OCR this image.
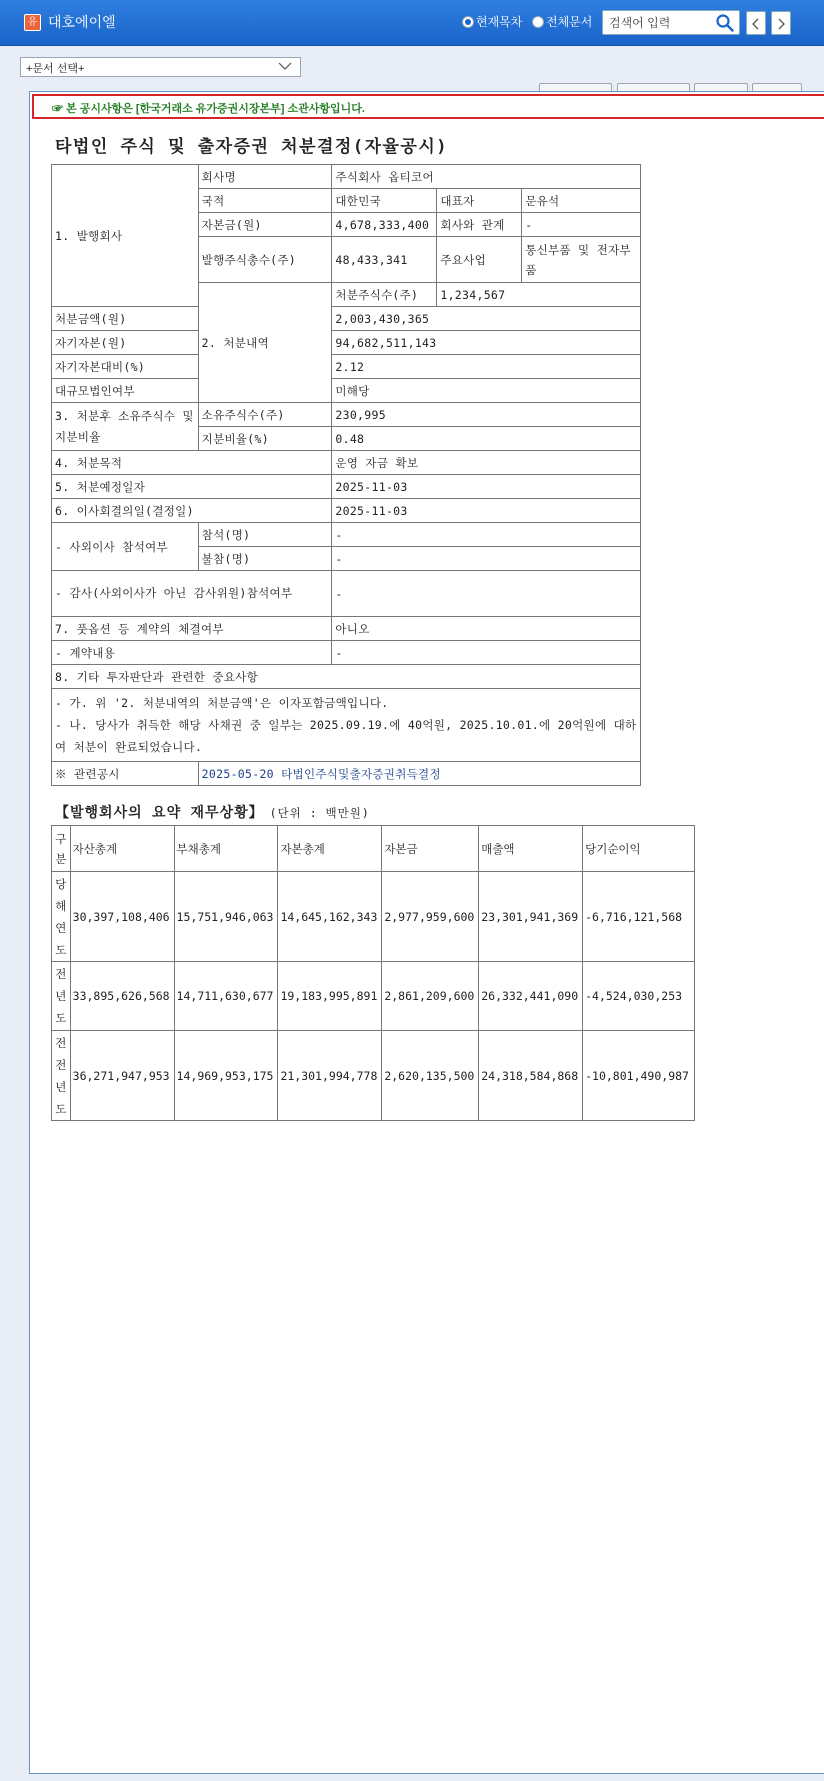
유 대호에이엘	현재목차 전체문서
검색어 입력
+문서 선택+
☞ 본 공시사항은 [한국거래소 유가증권시장본부] 소관사항입니다.
타법인 주식 및 출자증권 처분결정(자율공시)
1. 발행회사	회사명	주식회사 옵티코어		
	국적	대한민국	대표자	문유석
	자본금(원)	4,678,333,400	회사와 관계	-
	발행주식총수(주)	48,433,341	주요사업	통신부품 및 전자부품
	2. 처분내역	처분주식수(주)	1,234,567	
처분금액(원)		2,003,430,365		
자기자본(원)		94,682,511,143		
자기자본대비(%)		2.12		
대규모법인여부		미해당		
3. 처분후 소유주식수 및 지분비율	소유주식수(주)	230,995		
	지분비율(%)	0.48		
4. 처분목적		운영 자금 확보		
5. 처분예정일자		2025-11-03		
6. 이사회결의일(결정일)		2025-11-03		
- 사외이사 참석여부	참석(명)	-		
	불참(명)	-		
- 감사(사외이사가 아닌 감사위원)참석여부		-		
7. 풋옵션 등 계약의 체결여부		아니오		
- 계약내용		-		
8. 기타 투자판단과 관련한 중요사항				

- 가. 위 '2. 처분내역의 처분금액'은 이자포함금액입니다.
- 나. 당사가 취득한 해당 사채권 중 일부는 2025.09.19.에 40억원, 2025.10.01.에 20억원에 대하여 처분이 완료되었습니다.				

※ 관련공시	2025-05-20 타법인주식및출자증권취득결정			
【발행회사의 요약 재무상황】 (단위 : 백만원)
구
분	자산총계	부채총계	자본총계	자본금	매출액	당기순이익
당
해
연
도	30,397,108,406	15,751,946,063	14,645,162,343	2,977,959,600	23,301,941,369	-6,716,121,568
전
년
도	33,895,626,568	14,711,630,677	19,183,995,891	2,861,209,600	26,332,441,090	-4,524,030,253
전
전
년
도	36,271,947,953	14,969,953,175	21,301,994,778	2,620,135,500	24,318,584,868	-10,801,490,987
